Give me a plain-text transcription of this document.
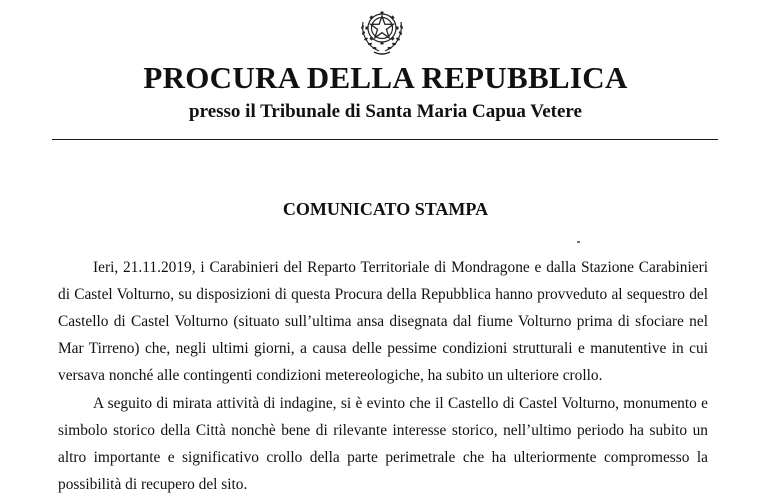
PROCURA DELLA REPUBBLICA
presso il Tribunale di Santa Maria Capua Vetere
COMUNICATO STAMPA
Ieri, 21.11.2019, i Carabinieri del Reparto Territoriale di Mondragone e dalla Stazione Carabinieri
di Castel Volturno, su disposizioni di questa Procura della Repubblica hanno provveduto al sequestro del
Castello di Castel Volturno (situato sull’ultima ansa disegnata dal fiume Volturno prima di sfociare nel
Mar Tirreno) che, negli ultimi giorni, a causa delle pessime condizioni strutturali e manutentive in cui
versava nonché alle contingenti condizioni metereologiche, ha subito un ulteriore crollo.
A seguito di mirata attività di indagine, si è evinto che il Castello di Castel Volturno, monumento e
simbolo storico della Città nonchè bene di rilevante interesse storico, nell’ultimo periodo ha subito un
altro importante e significativo crollo della parte perimetrale che ha ulteriormente compromesso la
possibilità di recupero del sito.
